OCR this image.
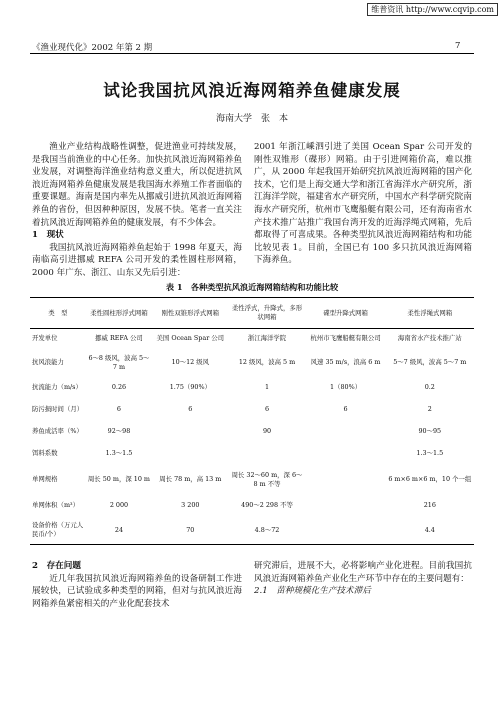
维普资讯 http://www.cqvip.com
《渔业现代化》2002 年第 2 期	7
试论我国抗风浪近海网箱养鱼健康发展
海南大学　张　本

渔业产业结构战略性调整，促进渔业可持续发展，是我国当前渔业的中心任务。加快抗风浪近海网箱养鱼业发展，对调整海洋渔业结构意义重大，所以促进抗风浪近海网箱养鱼健康发展是我国海水养殖工作者面临的重要课题。海南是国内率先从挪威引进抗风浪近海网箱养鱼的省份，但因种种原因，发展不快。笔者一直关注着抗风浪近海网箱养鱼的健康发展，有不少体会。

1　现状

我国抗风浪近海网箱养鱼起始于 1998 年夏天，海南临高引进挪威 REFA 公司开发的柔性圆柱形网箱，2000 年广东、浙江、山东又先后引进：

2001 年浙江嵊泗引进了美国 Ocean Spar 公司开发的刚性双锥形（碟形）网箱。由于引进网箱价高，难以推广，从 2000 年起我国开始研究抗风浪近海网箱的国产化技术，它们是上海交通大学和浙江省海洋水产研究所，浙江海洋学院，福建省水产研究所，中国水产科学研究院南海水产研究所，杭州市飞鹰船艇有限公司，还有海南省水产技术推广站推广我国台湾开发的近海浮绳式网箱，先后都取得了可喜成果。各种类型抗风浪近海网箱结构和功能比较见表 1。目前，全国已有 100 多只抗风浪近海网箱下海养鱼。

表 1　各种类型抗风浪近海网箱结构和功能比较
类　型	柔性圆柱形浮式网箱	刚性双锥形浮式网箱	柔性浮式，升降式，多形状网箱	碟型升降式网箱	柔性浮绳式网箱
开发单位	挪威 REFA 公司	美国 Ocean Spar 公司	浙江海洋学院	杭州市飞鹰船艇有限公司	海南省水产技术推广站
抗风浪能力	6～8 级风，波高 5～7 m	10～12 级风	12 级风，波高 5 m	风速 35 m/s，浪高 6 m	5～7 级风，波高 5～7 m
抗流能力（m/s）	0.26	1.75（90%）	1	1（80%）	0.2
防污损时间（月）	6	6	6	6	2
养鱼成活率（%）	92～98		90		90～95
饵料系数	1.3～1.5				1.3～1.5
单网规格	周长 50 m，深 10 m	周长 78 m，高 13 m	周长 32～60 m，深 6～8 m 不等		6 m×6 m×6 m，10 个一组
单网体积（m³）	2 000	3 200	490～2 298 不等		216
设备价格（万元人民币/个）	24	70	4.8～72		4.4

2　存在问题

近几年我国抗风浪近海网箱养鱼的设备研制工作进展较快，已试验成多种类型的网箱，但对与抗风浪近海网箱养鱼紧密相关的产业化配套技术

研究滞后，进展不大，必将影响产业化进程。目前我国抗风浪近海网箱养鱼产业化生产环节中存在的主要问题有：

2.1　苗种规模化生产技术滞后
